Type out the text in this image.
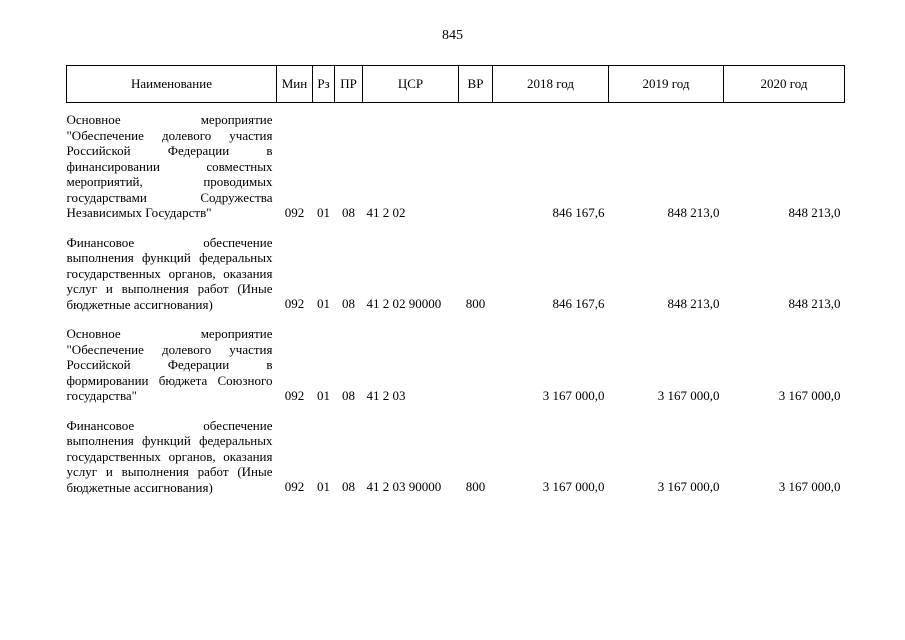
845
Наименование	Мин	Рз	ПР	ЦСР	ВР	2018 год	2019 год	2020 год
Основное мероприятие "Обеспечение долевого участия Российской Федерации в финансировании совместных мероприятий, проводимых государствами Содружества Независимых Государств"	092	01	08	41 2 02		846 167,6	848 213,0	848 213,0
Финансовое обеспечение выполнения функций федеральных государственных органов, оказания услуг и выполнения работ (Иные бюджетные ассигнования)	092	01	08	41 2 02 90000	800	846 167,6	848 213,0	848 213,0
Основное мероприятие "Обеспечение долевого участия Российской Федерации в формировании бюджета Союзного государства"	092	01	08	41 2 03		3 167 000,0	3 167 000,0	3 167 000,0
Финансовое обеспечение выполнения функций федеральных государственных органов, оказания услуг и выполнения работ (Иные бюджетные ассигнования)	092	01	08	41 2 03 90000	800	3 167 000,0	3 167 000,0	3 167 000,0
